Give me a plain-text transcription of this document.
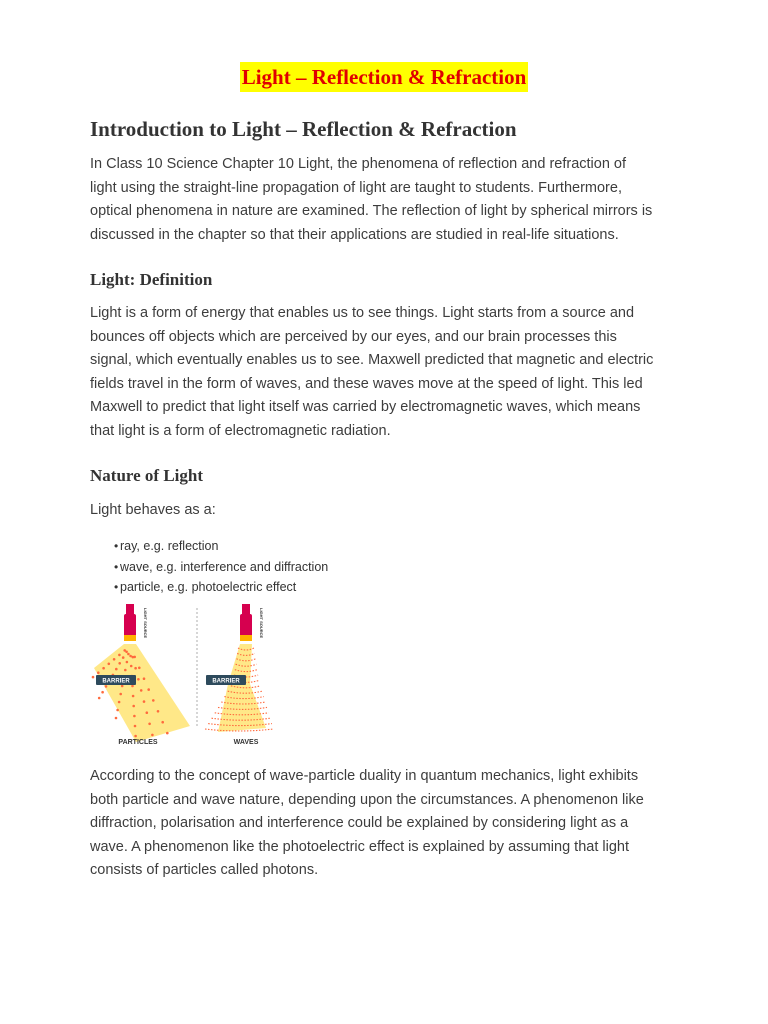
Light – Reflection & Refraction
Introduction to Light – Reflection & Refraction

In Class 10 Science Chapter 10 Light, the phenomena of reflection and refraction of
light using the straight-line propagation of light are taught to students. Furthermore,
optical phenomena in nature are examined. The reflection of light by spherical mirrors is
discussed in the chapter so that their applications are studied in real-life situations.

Light: Definition

Light is a form of energy that enables us to see things. Light starts from a source and
bounces off objects which are perceived by our eyes, and our brain processes this
signal, which eventually enables us to see. Maxwell predicted that magnetic and electric
fields travel in the form of waves, and these waves move at the speed of light. This led
Maxwell to predict that light itself was carried by electromagnetic waves, which means
that light is a form of electromagnetic radiation.

Nature of Light

Light behaves as a:

• ray, e.g. reflection
• wave, e.g. interference and diffraction
• particle, e.g. photoelectric effect
BARRIER
LIGHT SOURCE
PARTICLES
BARRIER
LIGHT SOURCE
WAVES

According to the concept of wave-particle duality in quantum mechanics, light exhibits
both particle and wave nature, depending upon the circumstances. A phenomenon like
diffraction, polarisation and interference could be explained by considering light as a
wave. A phenomenon like the photoelectric effect is explained by assuming that light
consists of particles called photons.
